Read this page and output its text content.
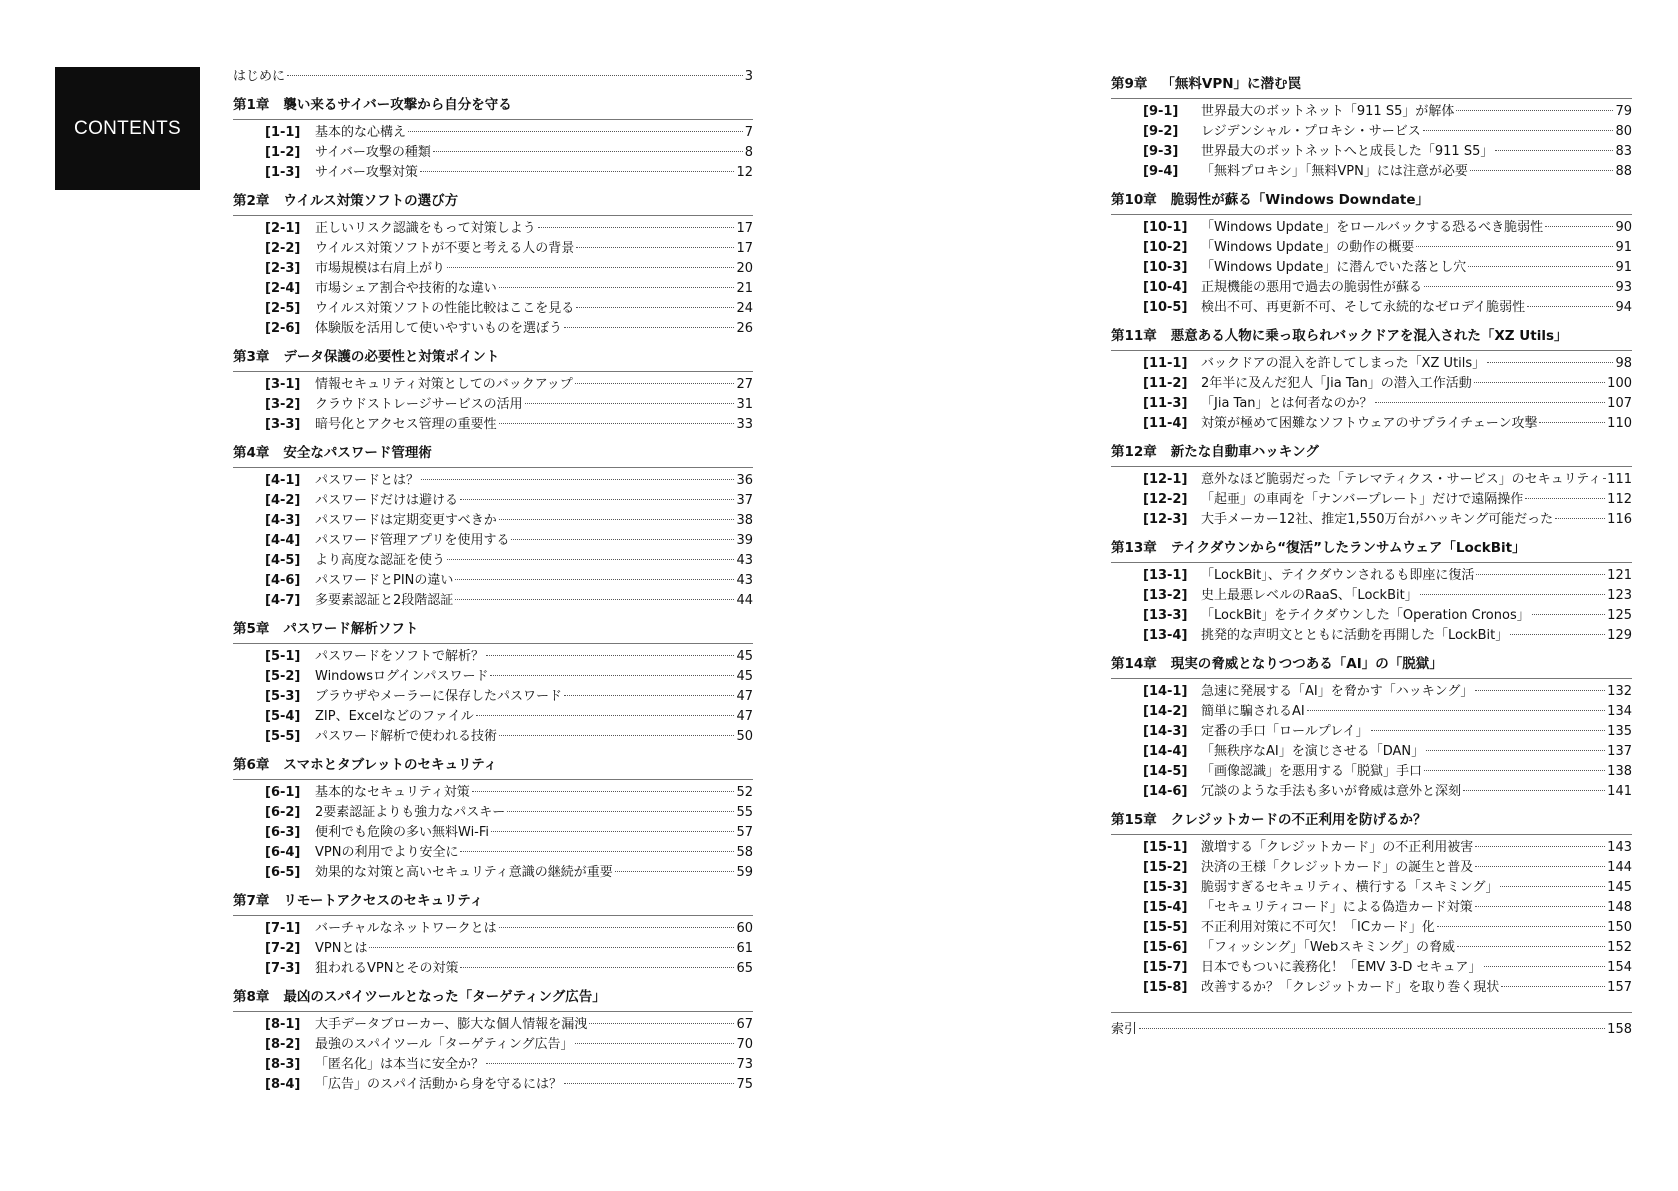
CONTENTS
はじめに	3
第1章 襲い来るサイバー攻撃から自分を守る
[1-1]	基本的な心構え	7
[1-2]	サイバー攻撃の種類	8
[1-3]	サイバー攻撃対策	12
第2章 ウイルス対策ソフトの選び方
[2-1]	正しいリスク認識をもって対策しよう	17
[2-2]	ウイルス対策ソフトが不要と考える人の背景	17
[2-3]	市場規模は右肩上がり	20
[2-4]	市場シェア割合や技術的な違い	21
[2-5]	ウイルス対策ソフトの性能比較はここを見る	24
[2-6]	体験版を活用して使いやすいものを選ぼう	26
第3章 データ保護の必要性と対策ポイント
[3-1]	情報セキュリティ対策としてのバックアップ	27
[3-2]	クラウドストレージサービスの活用	31
[3-3]	暗号化とアクセス管理の重要性	33
第4章 安全なパスワード管理術
[4-1]	パスワードとは？	36
[4-2]	パスワードだけは避ける	37
[4-3]	パスワードは定期変更すべきか	38
[4-4]	パスワード管理アプリを使用する	39
[4-5]	より高度な認証を使う	43
[4-6]	パスワードとPINの違い	43
[4-7]	多要素認証と2段階認証	44
第5章 パスワード解析ソフト
[5-1]	パスワードをソフトで解析？	45
[5-2]	Windowsログインパスワード	45
[5-3]	ブラウザやメーラーに保存したパスワード	47
[5-4]	ZIP、Excelなどのファイル	47
[5-5]	パスワード解析で使われる技術	50
第6章 スマホとタブレットのセキュリティ
[6-1]	基本的なセキュリティ対策	52
[6-2]	2要素認証よりも強力なパスキー	55
[6-3]	便利でも危険の多い無料Wi-Fi	57
[6-4]	VPNの利用でより安全に	58
[6-5]	効果的な対策と高いセキュリティ意識の継続が重要	59
第7章 リモートアクセスのセキュリティ
[7-1]	バーチャルなネットワークとは	60
[7-2]	VPNとは	61
[7-3]	狙われるVPNとその対策	65
第8章 最凶のスパイツールとなった「ターゲティング広告」
[8-1]	大手データブローカー、膨大な個人情報を漏洩	67
[8-2]	最強のスパイツール「ターゲティング広告」	70
[8-3]	「匿名化」は本当に安全か？	73
[8-4]	「広告」のスパイ活動から身を守るには？	75
第9章 「無料VPN」に潜む罠
[9-1]	世界最大のボットネット「911 S5」が解体	79
[9-2]	レジデンシャル・プロキシ・サービス	80
[9-3]	世界最大のボットネットへと成長した「911 S5」	83
[9-4]	「無料プロキシ」「無料VPN」には注意が必要	88
第10章 脆弱性が蘇る「Windows Downdate」
[10-1]	「Windows Update」をロールバックする恐るべき脆弱性	90
[10-2]	「Windows Update」の動作の概要	91
[10-3]	「Windows Update」に潜んでいた落とし穴	91
[10-4]	正規機能の悪用で過去の脆弱性が蘇る	93
[10-5]	検出不可、再更新不可、そして永続的なゼロデイ脆弱性	94
第11章 悪意ある人物に乗っ取られバックドアを混入された「XZ Utils」
[11-1]	バックドアの混入を許してしまった「XZ Utils」	98
[11-2]	2年半に及んだ犯人「Jia Tan」の潜入工作活動	100
[11-3]	「Jia Tan」とは何者なのか？	107
[11-4]	対策が極めて困難なソフトウェアのサプライチェーン攻撃	110
第12章 新たな自動車ハッキング
[12-1]	意外なほど脆弱だった「テレマティクス・サービス」のセキュリティ 111
[12-2]	「起亜」の車両を「ナンバープレート」だけで遠隔操作	112
[12-3]	大手メーカー12社、推定1,550万台がハッキング可能だった	116
第13章 テイクダウンから“復活”したランサムウェア「LockBit」
[13-1]	「LockBit」、テイクダウンされるも即座に復活	121
[13-2]	史上最悪レベルのRaaS、「LockBit」	123
[13-3]	「LockBit」をテイクダウンした「Operation Cronos」	125
[13-4]	挑発的な声明文とともに活動を再開した「LockBit」	129
第14章 現実の脅威となりつつある「AI」の「脱獄」
[14-1]	急速に発展する「AI」を脅かす「ハッキング」	132
[14-2]	簡単に騙されるAI	134
[14-3]	定番の手口「ロールプレイ」	135
[14-4]	「無秩序なAI」を演じさせる「DAN」	137
[14-5]	「画像認識」を悪用する「脱獄」手口	138
[14-6]	冗談のような手法も多いが脅威は意外と深刻	141
第15章 クレジットカードの不正利用を防げるか？
[15-1]	激増する「クレジットカード」の不正利用被害	143
[15-2]	決済の王様「クレジットカード」の誕生と普及	144
[15-3]	脆弱すぎるセキュリティ、横行する「スキミング」	145
[15-4]	「セキュリティコード」による偽造カード対策	148
[15-5]	不正利用対策に不可欠！「ICカード」化	150
[15-6]	「フィッシング」「Webスキミング」の脅威	152
[15-7]	日本でもついに義務化！「EMV 3-D セキュア」	154
[15-8]	改善するか？「クレジットカード」を取り巻く現状	157
索引	158
